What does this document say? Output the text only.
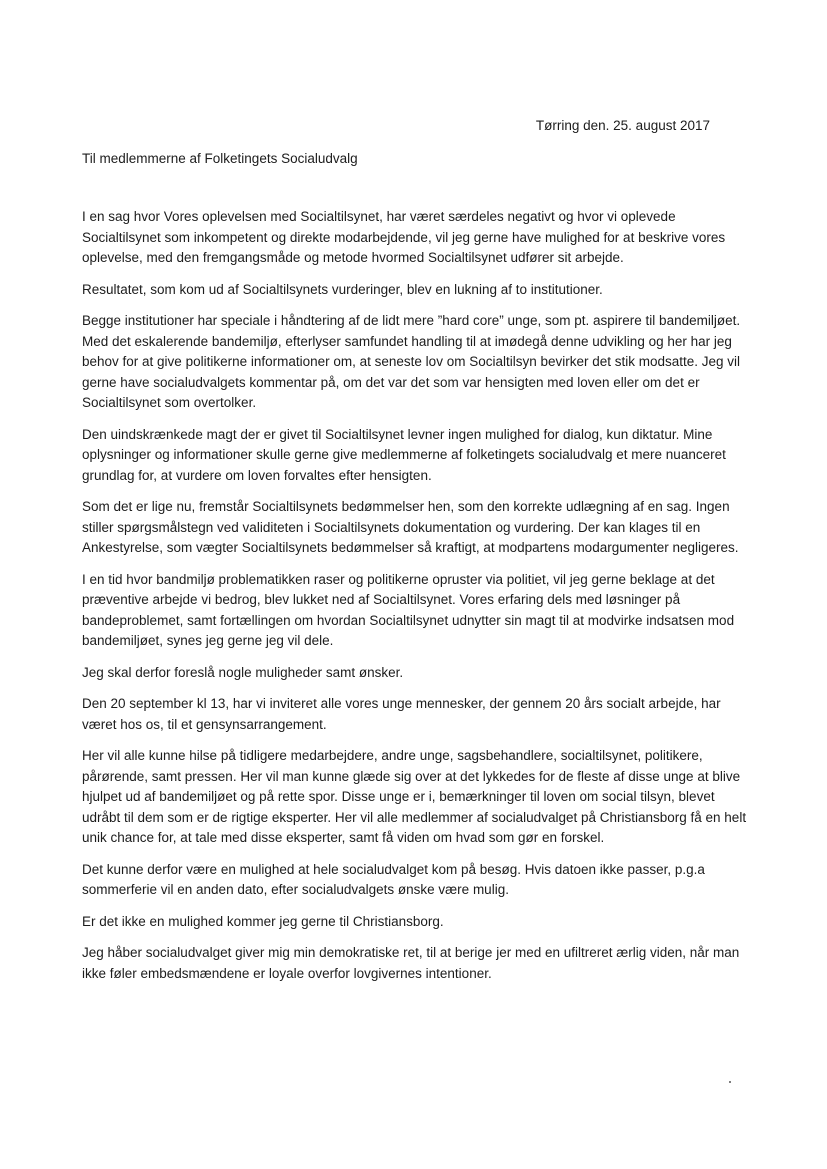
Tørring den. 25. august 2017
Til medlemmerne af Folketingets Socialudvalg

I en sag hvor Vores oplevelsen med Socialtilsynet, har været særdeles negativt og hvor vi oplevede Socialtilsynet som inkompetent og direkte modarbejdende, vil jeg gerne have mulighed for at beskrive vores oplevelse, med den fremgangsmåde og metode hvormed Socialtilsynet udfører sit arbejde.

Resultatet, som kom ud af Socialtilsynets vurderinger, blev en lukning af to institutioner.

Begge institutioner har speciale i håndtering af de lidt mere ”hard core” unge, som pt. aspirere til bandemiljøet. Med det eskalerende bandemiljø, efterlyser samfundet handling til at imødegå denne udvikling og her har jeg behov for at give politikerne informationer om, at seneste lov om Socialtilsyn bevirker det stik modsatte. Jeg vil gerne have socialudvalgets kommentar på, om det var det som var hensigten med loven eller om det er Socialtilsynet som overtolker.

Den uindskrænkede magt der er givet til Socialtilsynet levner ingen mulighed for dialog, kun diktatur. Mine oplysninger og informationer skulle gerne give medlemmerne af folketingets socialudvalg et mere nuanceret grundlag for, at vurdere om loven forvaltes efter hensigten.

Som det er lige nu, fremstår Socialtilsynets bedømmelser hen, som den korrekte udlægning af en sag. Ingen stiller spørgsmålstegn ved validiteten i Socialtilsynets dokumentation og vurdering. Der kan klages til en Ankestyrelse, som vægter Socialtilsynets bedømmelser så kraftigt, at modpartens modargumenter negligeres.

I en tid hvor bandmiljø problematikken raser og politikerne opruster via politiet, vil jeg gerne beklage at det præventive arbejde vi bedrog, blev lukket ned af Socialtilsynet. Vores erfaring dels med løsninger på bandeproblemet, samt fortællingen om hvordan Socialtilsynet udnytter sin magt til at modvirke indsatsen mod bandemiljøet, synes jeg gerne jeg vil dele.

Jeg skal derfor foreslå nogle muligheder samt ønsker.

Den 20 september kl 13, har vi inviteret alle vores unge mennesker, der gennem 20 års socialt arbejde, har været hos os, til et gensynsarrangement.

Her vil alle kunne hilse på tidligere medarbejdere, andre unge, sagsbehandlere, socialtilsynet, politikere, pårørende, samt pressen. Her vil man kunne glæde sig over at det lykkedes for de fleste af disse unge at blive hjulpet ud af bandemiljøet og på rette spor. Disse unge er i, bemærkninger til loven om social tilsyn, blevet udråbt til dem som er de rigtige eksperter. Her vil alle medlemmer af socialudvalget på Christiansborg få en helt unik chance for, at tale med disse eksperter, samt få viden om hvad som gør en forskel.

Det kunne derfor være en mulighed at hele socialudvalget kom på besøg. Hvis datoen ikke passer, p.g.a sommerferie vil en anden dato, efter socialudvalgets ønske være mulig.

Er det ikke en mulighed kommer jeg gerne til Christiansborg.

Jeg håber socialudvalget giver mig min demokratiske ret, til at berige jer med en ufiltreret ærlig viden, når man ikke føler embedsmændene er loyale overfor lovgivernes intentioner.
